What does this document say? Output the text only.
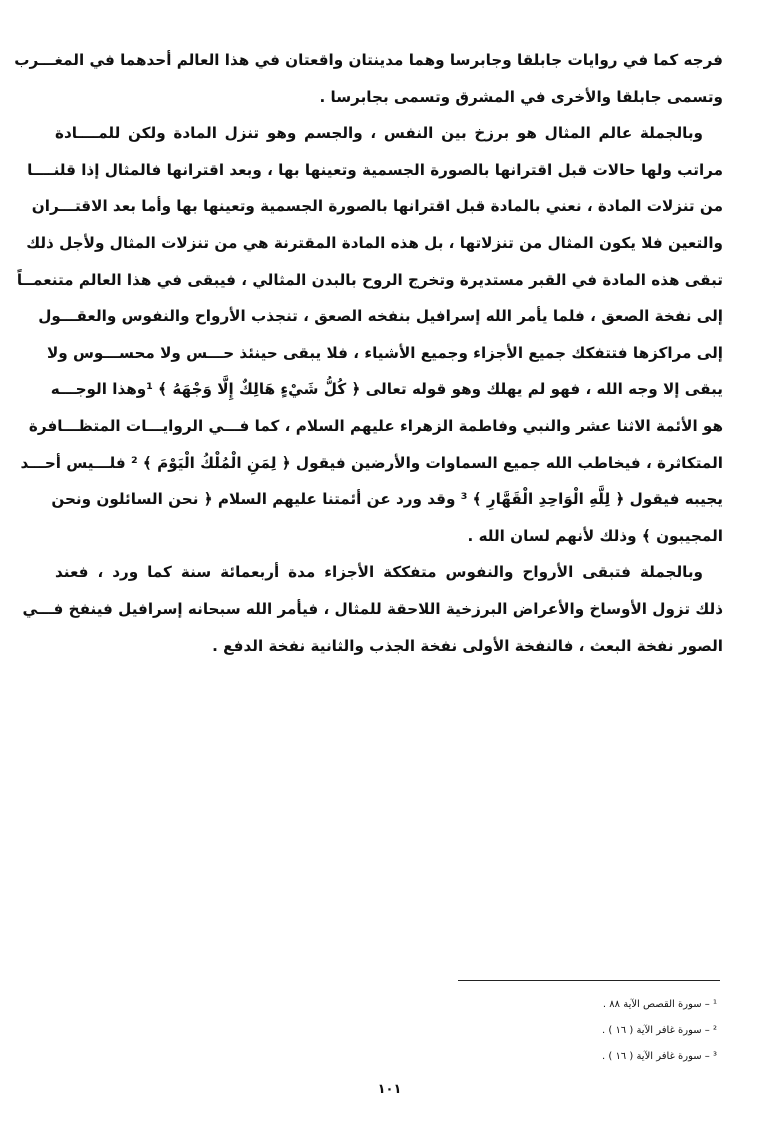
فرجه كما في روايات جابلقا وجابرسا وهما مدينتان واقعتان في هذا العالم أحدهما في المغـــرب
وتسمى جابلقا والأخرى في المشرق وتسمى بجابرسا .
وبالجملة عالم المثال هو برزخ بين النفس ، والجسم وهو تنزل المادة ولكن للمــــادة
مراتب ولها حالات قبل اقترانها بالصورة الجسمية وتعينها بها ، وبعد اقترانها فالمثال إذا قلنــــا
من تنزلات المادة ، نعني بالمادة قبل اقترانها بالصورة الجسمية وتعينها بها وأما بعد الاقتـــران
والتعين فلا يكون المثال من تنزلاتها ، بل هذه المادة المقترنة هي من تنزلات المثال ولأجل ذلك
تبقى هذه المادة في القبر مستديرة وتخرج الروح بالبدن المثالي ، فيبقى في هذا العالم متنعمــاً
إلى نفخة الصعق ، فلما يأمر الله إسرافيل بنفخه الصعق ، تنجذب الأرواح والنفوس والعقـــول
إلى مراكزها فتتفكك جميع الأجزاء وجميع الأشياء ، فلا يبقى حينئذ حـــس ولا محســـوس ولا
يبقى إلا وجه الله ، فهو لم يهلك وهو قوله تعالى ﴿ كُلُّ شَيْءٍ هَالِكٌ إِلَّا وَجْهَهُ ﴾ ¹وهذا الوجـــه
هو الأئمة الاثنا عشر والنبي وفاطمة الزهراء عليهم السلام ، كما فـــي الروايـــات المتظـــافرة
المتكاثرة ، فيخاطب الله جميع السماوات والأرضين فيقول ﴿ لِمَنِ الْمُلْكُ الْيَوْمَ ﴾ ² فلـــيس أحـــد
يجيبه فيقول ﴿ لِلَّهِ الْوَاحِدِ الْقَهَّارِ ﴾ ³ وقد ورد عن أئمتنا عليهم السلام ﴿ نحن السائلون ونحن
المجيبون ﴾ وذلك لأنهم لسان الله .
وبالجملة فتبقى الأرواح والنفوس متفككة الأجزاء مدة أربعمائة سنة كما ورد ، فعند
ذلك تزول الأوساخ والأعراض البرزخية اللاحقة للمثال ، فيأمر الله سبحانه إسرافيل فينفخ فـــي
الصور نفخة البعث ، فالنفخة الأولى نفخة الجذب والثانية نفخة الدفع .
¹ – سورة القصص الآية ٨٨ .
² – سورة غافر الآية ( ١٦ ) .
³ – سورة غافر الآية ( ١٦ ) .
١٠١
